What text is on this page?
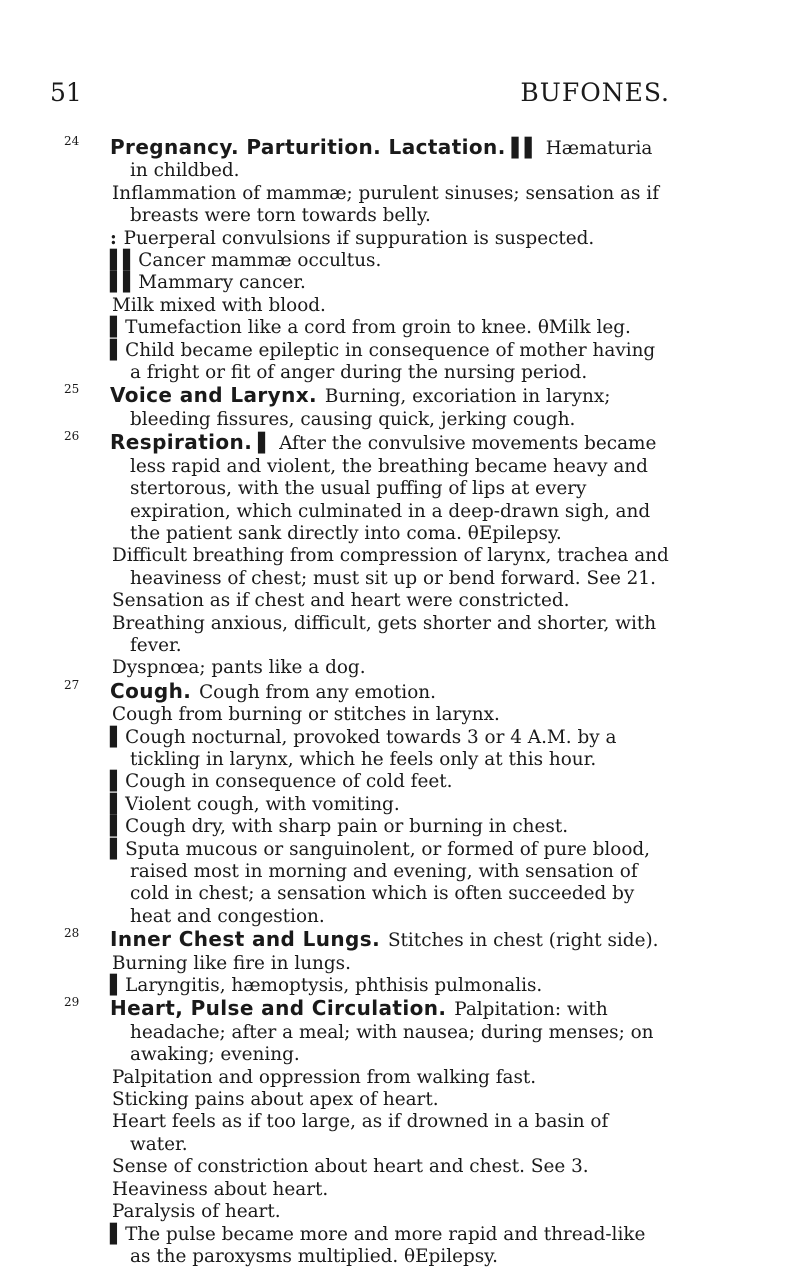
51	BUFONES.

24 Pregnancy. Parturition. Lactation. ▌▌ Hæmaturia in childbed.

Inflammation of mammæ; purulent sinuses; sensation as if breasts were torn towards belly.

: Puerperal convulsions if suppuration is suspected.

▌▌ Cancer mammæ occultus.

▌▌ Mammary cancer.

Milk mixed with blood.

▌ Tumefaction like a cord from groin to knee. θMilk leg.

▌ Child became epileptic in consequence of mother having a fright or fit of anger during the nursing period.

25 Voice and Larynx. Burning, excoriation in larynx; bleeding fissures, causing quick, jerking cough.

26 Respiration. ▌ After the convulsive movements became less rapid and violent, the breathing became heavy and stertorous, with the usual puffing of lips at every expiration, which culminated in a deep-drawn sigh, and the patient sank directly into coma. θEpilepsy.

Difficult breathing from compression of larynx, trachea and heaviness of chest; must sit up or bend forward. See 21.

Sensation as if chest and heart were constricted.

Breathing anxious, difficult, gets shorter and shorter, with fever.

Dyspnœa; pants like a dog.

27 Cough. Cough from any emotion.

Cough from burning or stitches in larynx.

▌ Cough nocturnal, provoked towards 3 or 4 A.M. by a tickling in larynx, which he feels only at this hour.

▌ Cough in consequence of cold feet.

▌ Violent cough, with vomiting.

▌ Cough dry, with sharp pain or burning in chest.

▌ Sputa mucous or sanguinolent, or formed of pure blood, raised most in morning and evening, with sensation of cold in chest; a sensation which is often succeeded by heat and congestion.

28 Inner Chest and Lungs. Stitches in chest (right side).

Burning like fire in lungs.

▌ Laryngitis, hæmoptysis, phthisis pulmonalis.

29 Heart, Pulse and Circulation. Palpitation: with headache; after a meal; with nausea; during menses; on awaking; evening.

Palpitation and oppression from walking fast.

Sticking pains about apex of heart.

Heart feels as if too large, as if drowned in a basin of water.

Sense of constriction about heart and chest. See 3.

Heaviness about heart.

Paralysis of heart.

▌ The pulse became more and more rapid and thread-like as the paroxysms multiplied. θEpilepsy.
